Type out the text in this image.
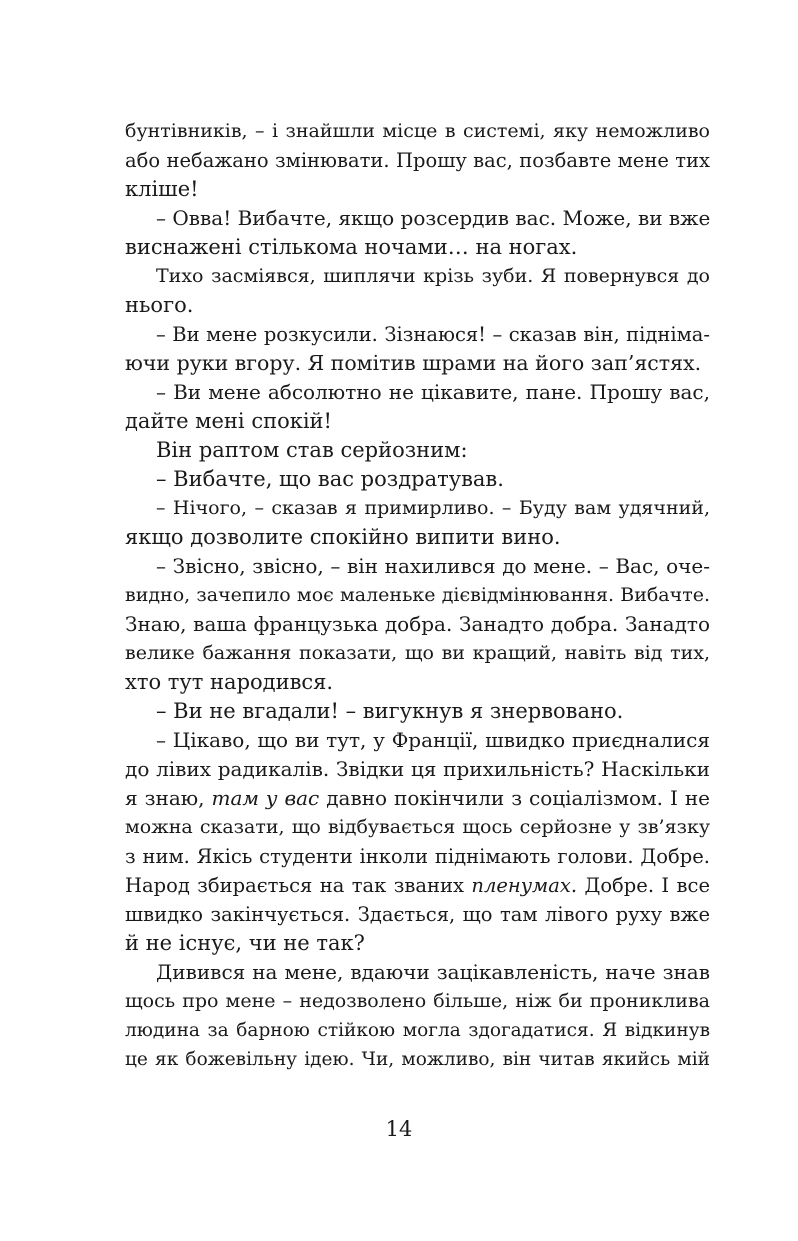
бунтівників, – і знайшли місце в системі, яку неможливо
або небажано змінювати. Прошу вас, позбавте мене тих
кліше!
– Овва! Вибачте, якщо розсердив вас. Може, ви вже
виснажені стількома ночами… на ногах.
Тихо засміявся, шиплячи крізь зуби. Я повернувся до
нього.
– Ви мене розкусили. Зізнаюся! – сказав він, підніма-
ючи руки вгору. Я помітив шрами на його зап’ястях.
– Ви мене абсолютно не цікавите, пане. Прошу вас,
дайте мені спокій!
Він раптом став серйозним:
– Вибачте, що вас роздратував.
– Нічого, – сказав я примирливо. – Буду вам удячний,
якщо дозволите спокійно випити вино.
– Звісно, звісно, – він нахилився до мене. – Вас, оче-
видно, зачепило моє маленьке дієвідмінювання. Вибачте.
Знаю, ваша французька добра. Занадто добра. Занадто
велике бажання показати, що ви кращий, навіть від тих,
хто тут народився.
– Ви не вгадали! – вигукнув я знервовано.
– Цікаво, що ви тут, у Франції, швидко приєдналися
до лівих радикалів. Звідки ця прихильність? Наскільки
я знаю, там у вас давно покінчили з соціалізмом. І не
можна сказати, що відбувається щось серйозне у зв’язку
з ним. Якісь студенти інколи піднімають голови. Добре.
Народ збирається на так званих пленумах. Добре. І все
швидко закінчується. Здається, що там лівого руху вже
й не існує, чи не так?
Дивився на мене, вдаючи зацікавленість, наче знав
щось про мене – недозволено більше, ніж би прониклива
людина за барною стійкою могла здогадатися. Я відкинув
це як божевільну ідею. Чи, можливо, він читав якийсь мій
14
